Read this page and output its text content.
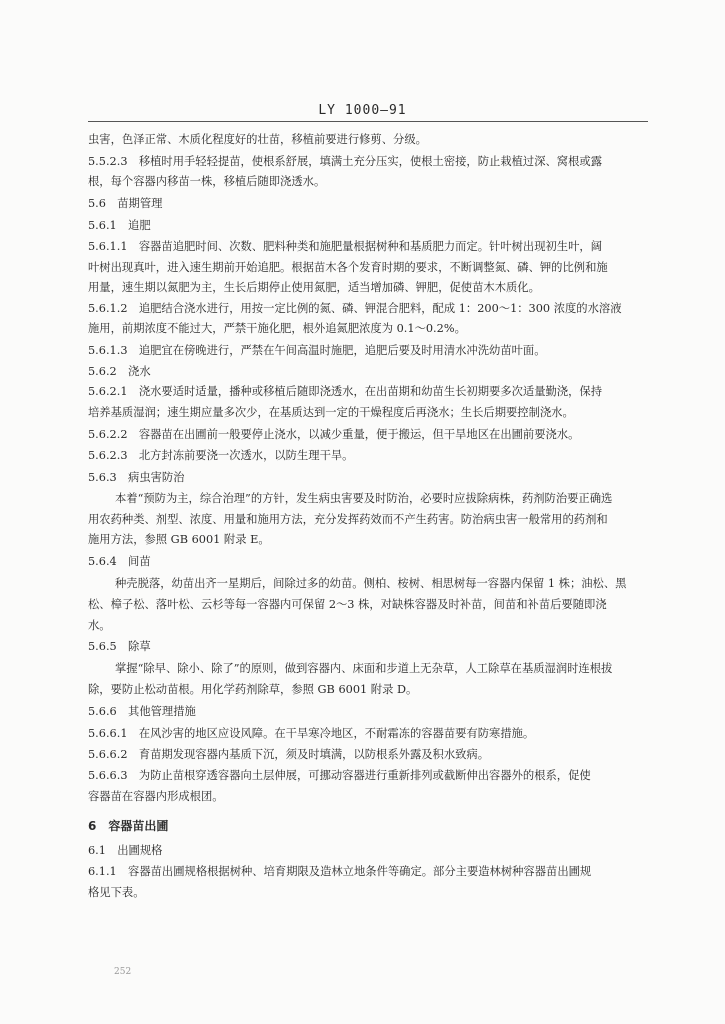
LY 1000—91
虫害，色泽正常、木质化程度好的壮苗，移植前要进行修剪、分级。
5.5.2.3　移植时用手轻轻提苗，使根系舒展，填满土充分压实，使根土密接，防止栽植过深、窝根或露
根，每个容器内移苗一株，移植后随即浇透水。
5.6　苗期管理
5.6.1　追肥
5.6.1.1　容器苗追肥时间、次数、肥料种类和施肥量根据树种和基质肥力而定。针叶树出现初生叶，阔
叶树出现真叶，进入速生期前开始追肥。根据苗木各个发育时期的要求，不断调整氮、磷、钾的比例和施
用量，速生期以氮肥为主，生长后期停止使用氮肥，适当增加磷、钾肥，促使苗木木质化。
5.6.1.2　追肥结合浇水进行，用按一定比例的氮、磷、钾混合肥料，配成 1：200～1：300 浓度的水溶液
施用，前期浓度不能过大，严禁干施化肥，根外追氮肥浓度为 0.1～0.2%。
5.6.1.3　追肥宜在傍晚进行，严禁在午间高温时施肥，追肥后要及时用清水冲洗幼苗叶面。
5.6.2　浇水
5.6.2.1　浇水要适时适量，播种或移植后随即浇透水，在出苗期和幼苗生长初期要多次适量勤浇，保持
培养基质湿润；速生期应量多次少，在基质达到一定的干燥程度后再浇水；生长后期要控制浇水。
5.6.2.2　容器苗在出圃前一般要停止浇水，以减少重量，便于搬运，但干旱地区在出圃前要浇水。
5.6.2.3　北方封冻前要浇一次透水，以防生理干旱。
5.6.3　病虫害防治
本着“预防为主，综合治理”的方针，发生病虫害要及时防治，必要时应拔除病株，药剂防治要正确选
用农药种类、剂型、浓度、用量和施用方法，充分发挥药效而不产生药害。防治病虫害一般常用的药剂和
施用方法，参照 GB 6001 附录 E。
5.6.4　间苗
种壳脱落，幼苗出齐一星期后，间除过多的幼苗。侧柏、桉树、相思树每一容器内保留 1 株；油松、黑
松、樟子松、落叶松、云杉等每一容器内可保留 2～3 株，对缺株容器及时补苗，间苗和补苗后要随即浇
水。
5.6.5　除草
掌握“除早、除小、除了”的原则，做到容器内、床面和步道上无杂草，人工除草在基质湿润时连根拔
除，要防止松动苗根。用化学药剂除草，参照 GB 6001 附录 D。
5.6.6　其他管理措施
5.6.6.1　在风沙害的地区应设风障。在干旱寒冷地区，不耐霜冻的容器苗要有防寒措施。
5.6.6.2　育苗期发现容器内基质下沉，须及时填满，以防根系外露及积水致病。
5.6.6.3　为防止苗根穿透容器向土层伸展，可挪动容器进行重新排列或截断伸出容器外的根系，促使
容器苗在容器内形成根团。
6　容器苗出圃
6.1　出圃规格
6.1.1　容器苗出圃规格根据树种、培育期限及造林立地条件等确定。部分主要造林树种容器苗出圃规
格见下表。
252
